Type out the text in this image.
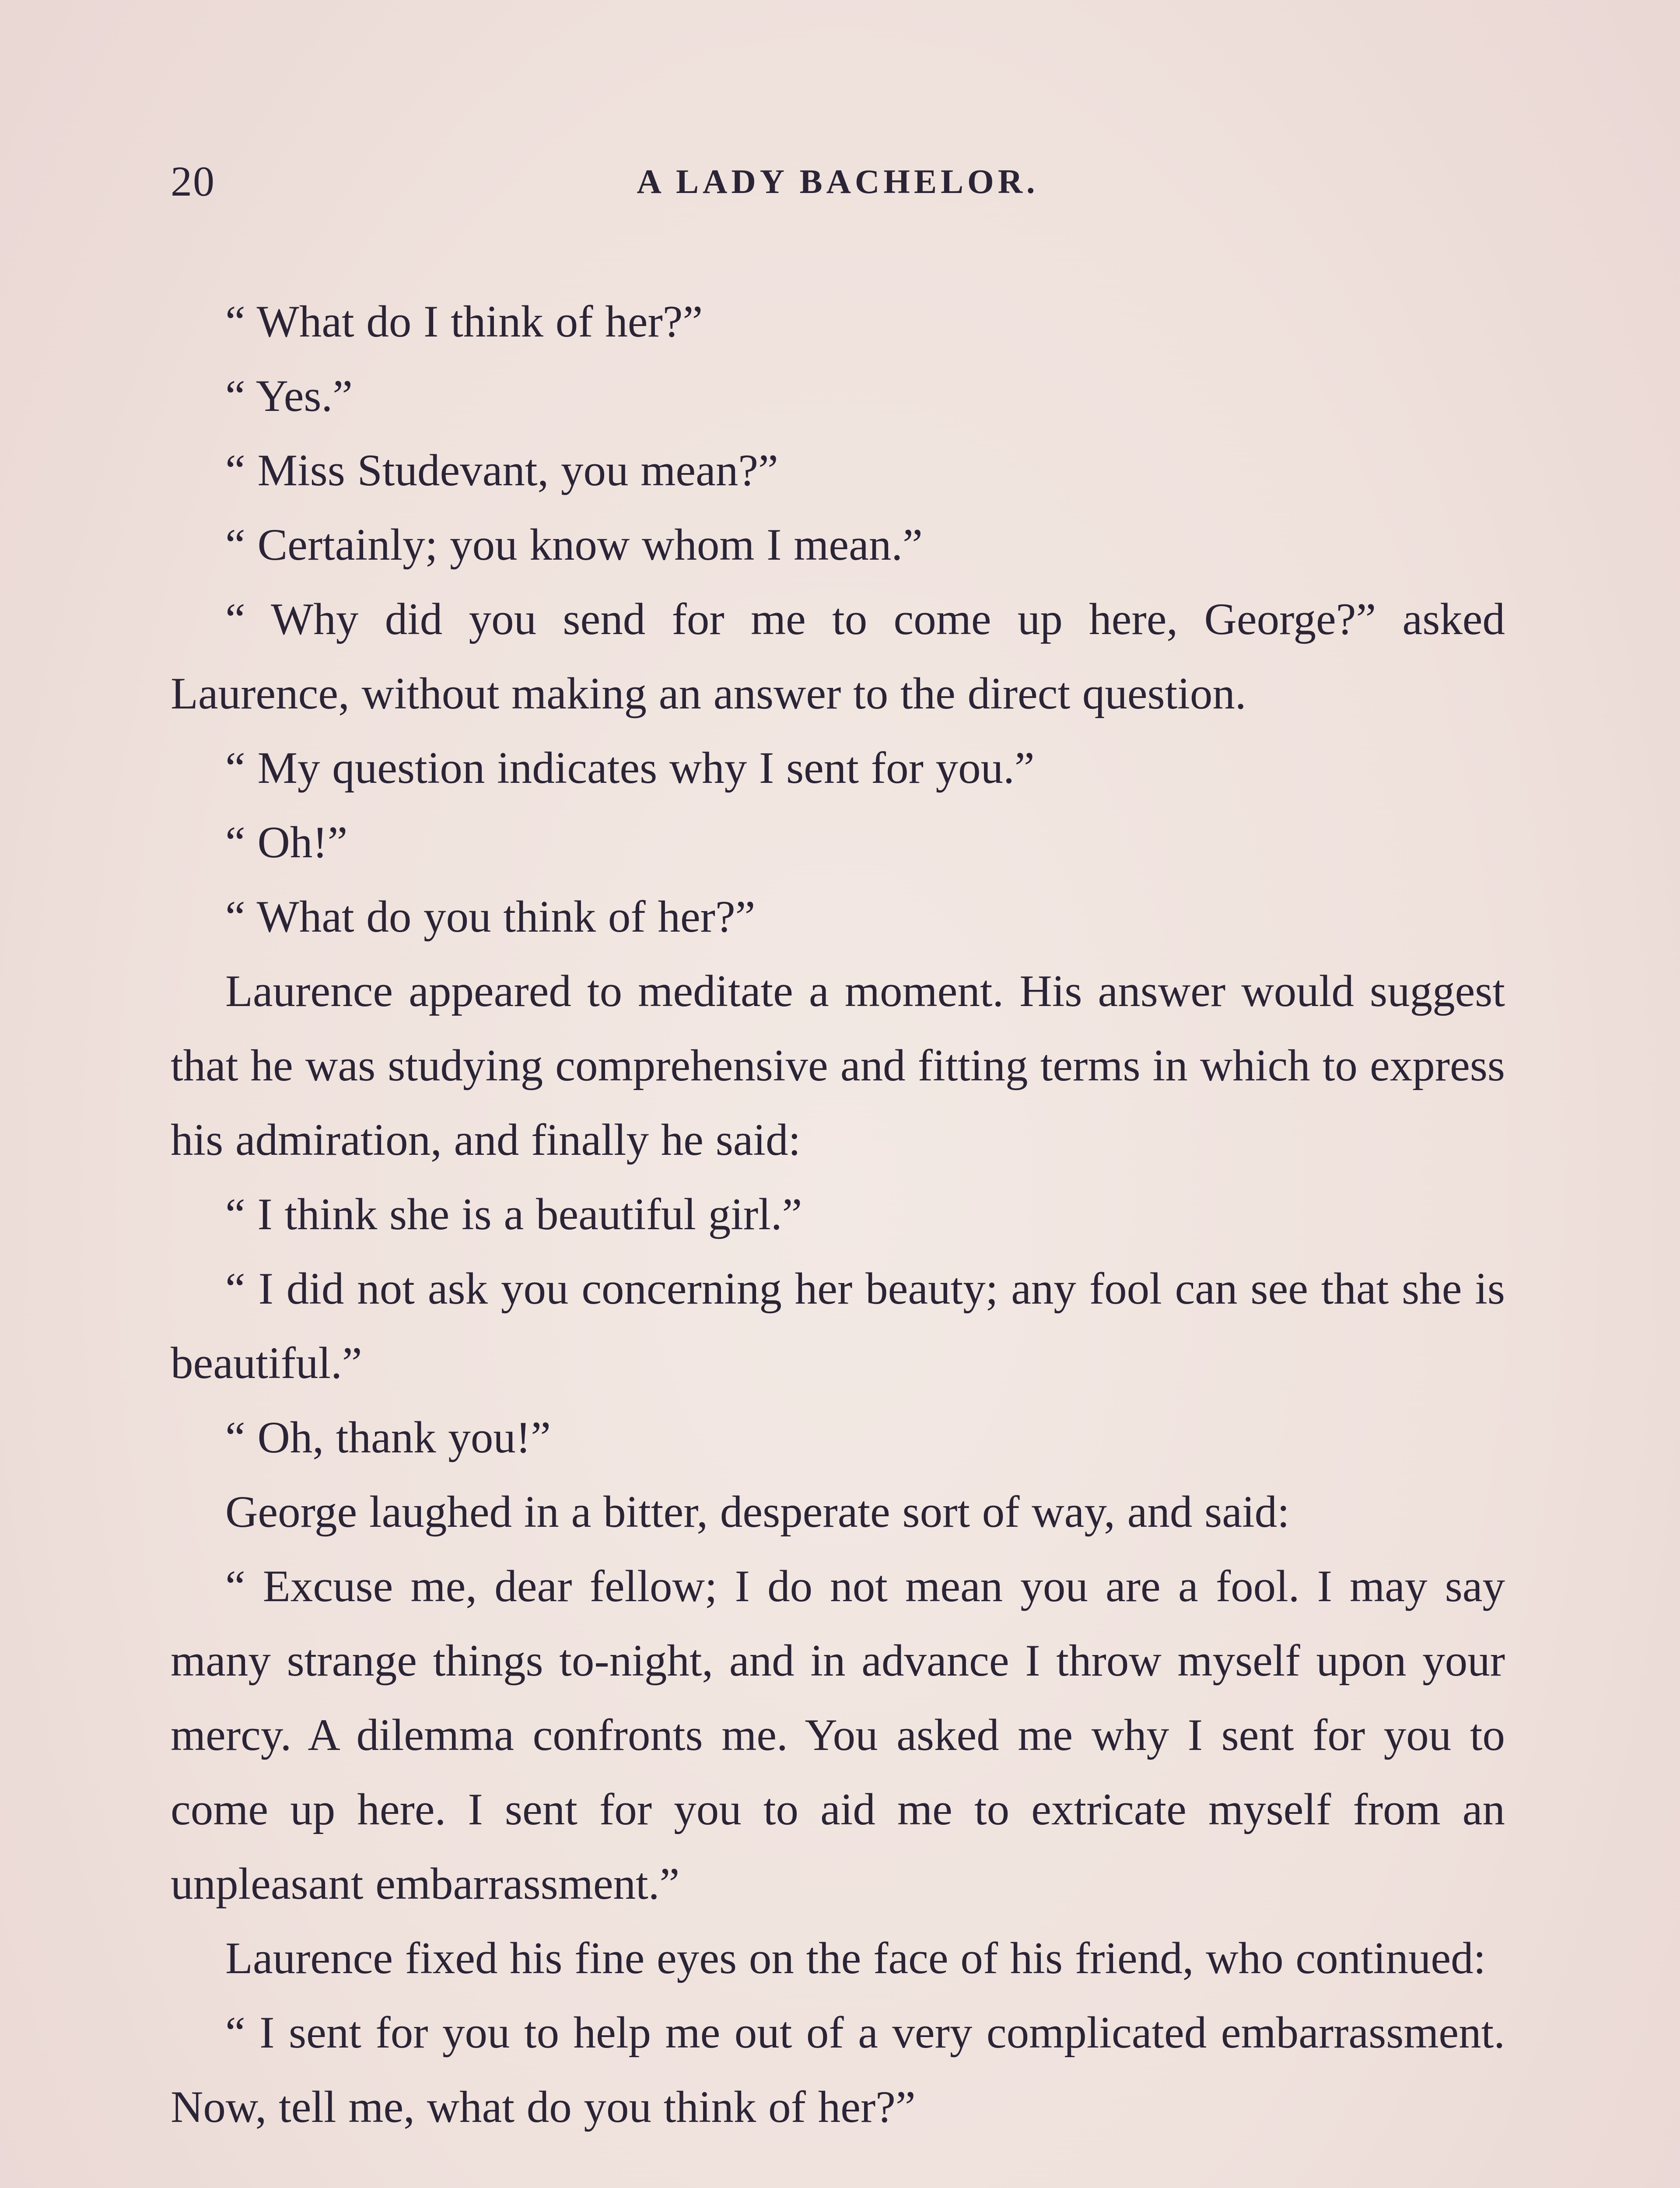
20	A LADY BACHELOR.

“ What do I think of her?”

“ Yes.”

“ Miss Studevant, you mean?”

“ Certainly; you know whom I mean.”

“ Why did you send for me to come up here, George?” asked Laurence, without making an answer to the direct question.

“ My question indicates why I sent for you.”

“ Oh!”

“ What do you think of her?”

Laurence appeared to meditate a moment. His answer would suggest that he was studying comprehensive and fitting terms in which to express his admiration, and finally he said:

“ I think she is a beautiful girl.”

“ I did not ask you concerning her beauty; any fool can see that she is beautiful.”

“ Oh, thank you!”

George laughed in a bitter, desperate sort of way, and said:

“ Excuse me, dear fellow; I do not mean you are a fool. I may say many strange things to-night, and in advance I throw myself upon your mercy. A dilemma confronts me. You asked me why I sent for you to come up here. I sent for you to aid me to extricate myself from an unpleasant embarrassment.”

Laurence fixed his fine eyes on the face of his friend, who continued:

“ I sent for you to help me out of a very complicated embarrassment. Now, tell me, what do you think of her?”
